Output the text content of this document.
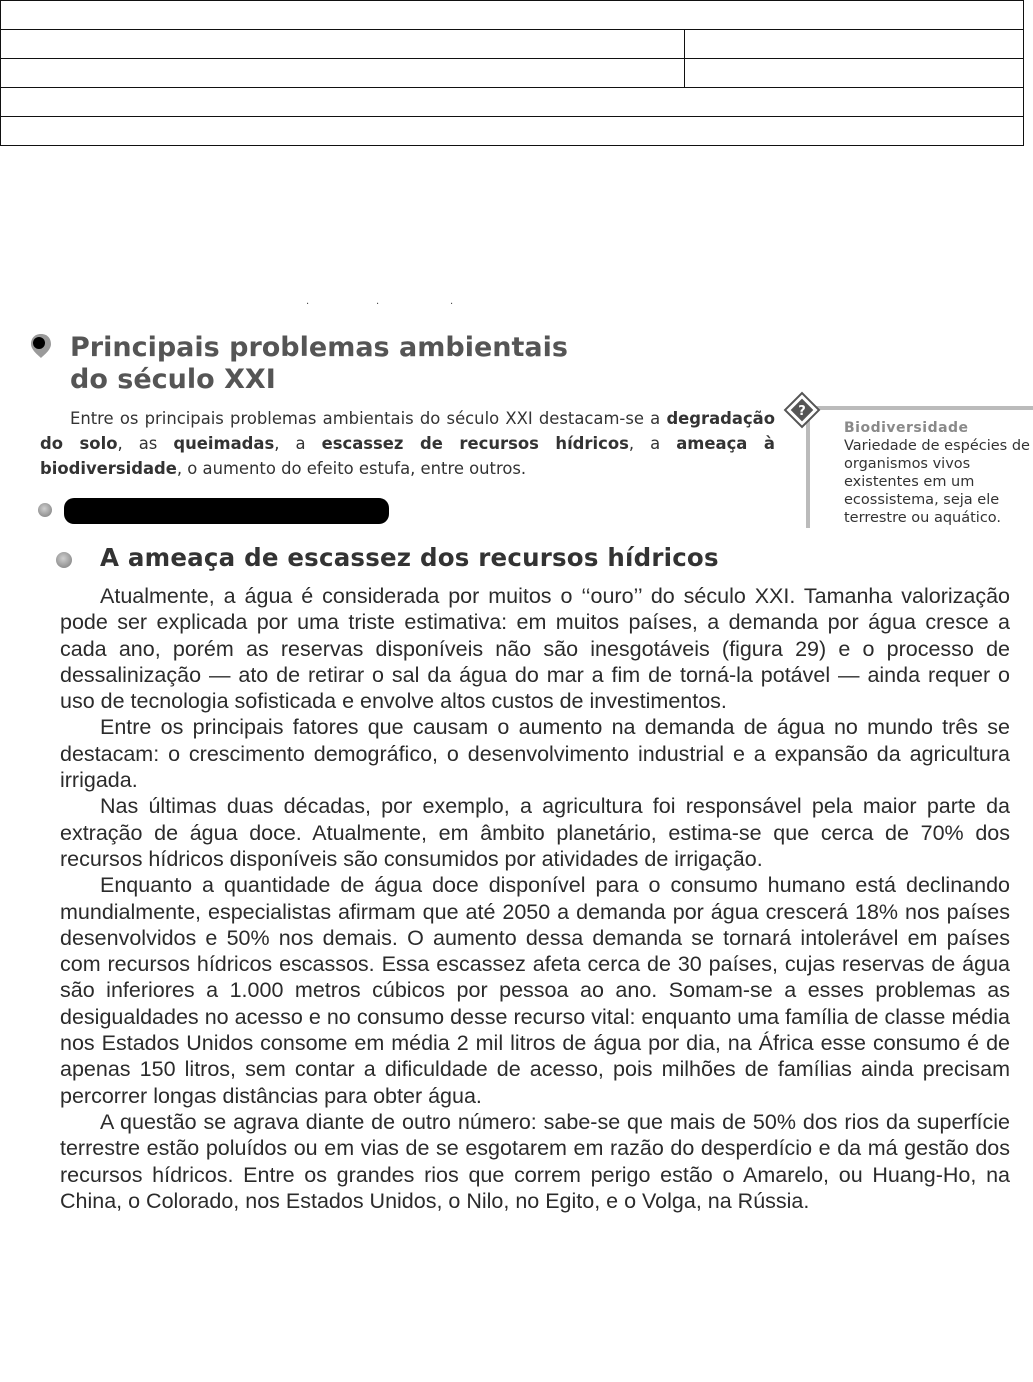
.	.	.
Principais problemas ambientais
do século XXI

Entre os principais problemas ambientais do século XXI destacam-se a degradação do solo, as queimadas, a escassez de recursos hídricos, a ameaça à biodiversidade, o aumento do efeito estufa, entre outros.

?
Biodiversidade
Variedade de espécies de organismos vivos existentes em um ecossistema, seja ele terrestre ou aquático.
A ameaça de escassez dos recursos hídricos

Atualmente, a água é considerada por muitos o ‘‘ouro’’ do século XXI. Tamanha valorização pode ser explicada por uma triste estimativa: em muitos países, a demanda por água cresce a cada ano, porém as reservas disponíveis não são inesgotáveis (figura 29) e o processo de dessalinização — ato de retirar o sal da água do mar a fim de torná-la potável — ainda requer o uso de tecnologia sofisticada e envolve altos custos de investimentos.

Entre os principais fatores que causam o aumento na demanda de água no mundo três se destacam: o crescimento demográfico, o desenvolvimento industrial e a expansão da agricultura irrigada.

Nas últimas duas décadas, por exemplo, a agricultura foi responsável pela maior parte da extração de água doce. Atualmente, em âmbito planetário, estima-se que cerca de 70% dos recursos hídricos disponíveis são consumidos por atividades de irrigação.

Enquanto a quantidade de água doce disponível para o consumo humano está declinando mundialmente, especialistas afirmam que até 2050 a demanda por água crescerá 18% nos países desenvolvidos e 50% nos demais. O aumento dessa demanda se tornará intolerável em países com recursos hídricos escassos. Essa escassez afeta cerca de 30 países, cujas reservas de água são inferiores a 1.000 metros cúbicos por pessoa ao ano. Somam-se a esses problemas as desigualdades no acesso e no consumo desse recurso vital: enquanto uma família de classe média nos Estados Unidos consome em média 2 mil litros de água por dia, na África esse consumo é de apenas 150 litros, sem contar a dificuldade de acesso, pois milhões de famílias ainda precisam percorrer longas distâncias para obter água.

A questão se agrava diante de outro número: sabe-se que mais de 50% dos rios da superfície terrestre estão poluídos ou em vias de se esgotarem em razão do desperdício e da má gestão dos recursos hídricos. Entre os grandes rios que correm perigo estão o Amarelo, ou Huang-Ho, na China, o Colorado, nos Estados Unidos, o Nilo, no Egito, e o Volga, na Rússia.
